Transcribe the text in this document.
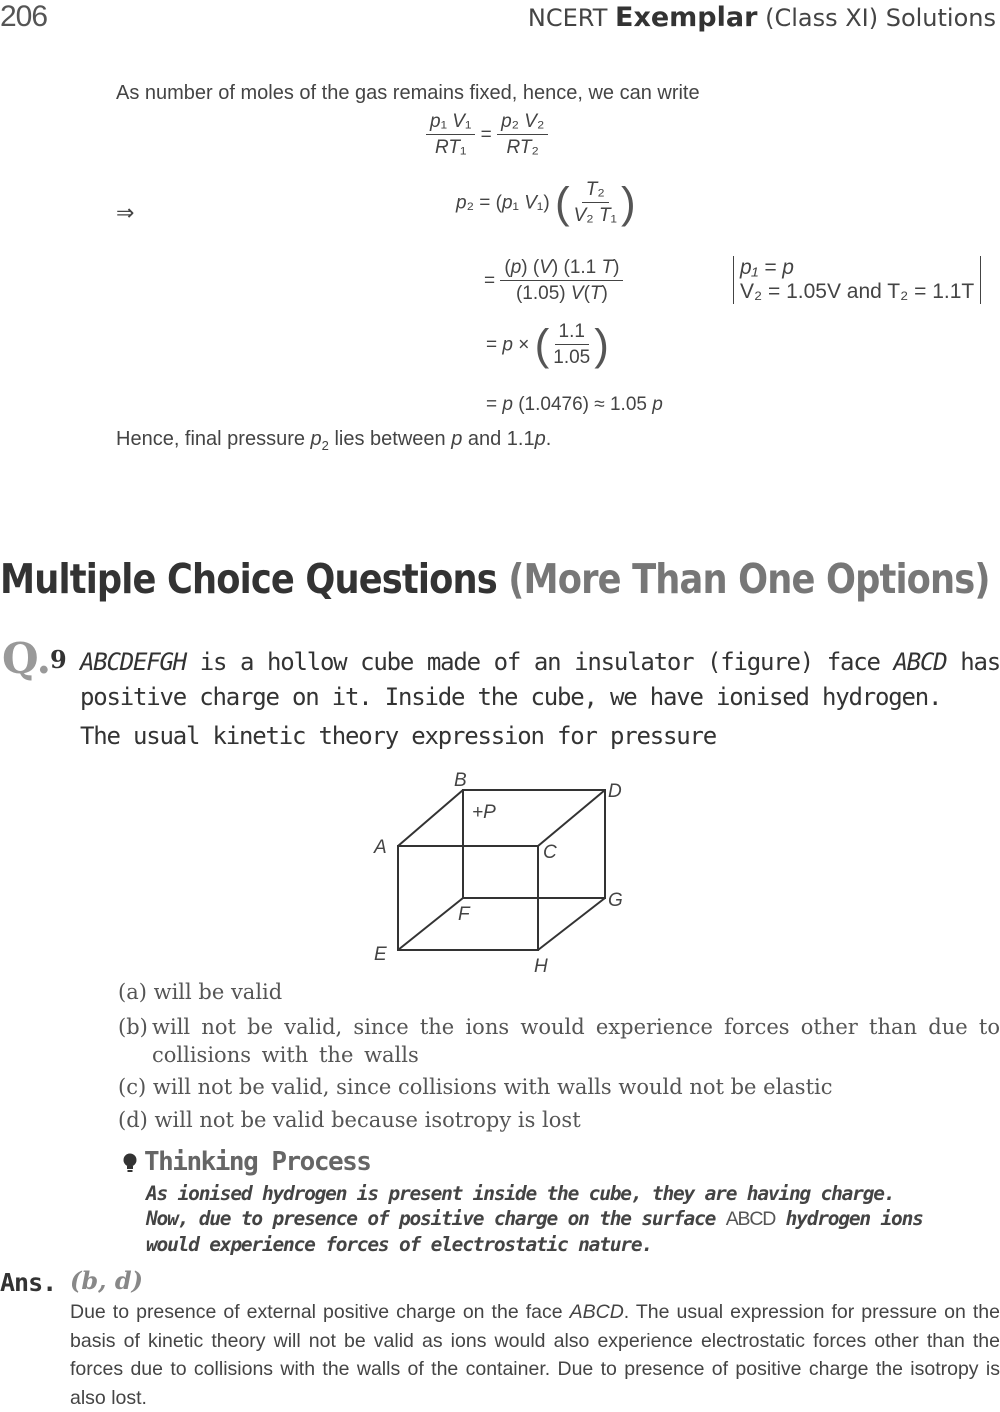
206	NCERT Exemplar (Class XI) Solutions
As number of moles of the gas remains fixed, hence, we can write
$\frac{\text{p₁ V₁}}{\text{RT₁}} = \frac{\text{p₂ V₂}}{\text{RT₂}}$
⇒	p₂ = (p₁ V₁) ( $\frac{\text{T₂}}{\text{V₂ T₁}}$ )
= $\frac{(p) (V) (1.1 T)}{(1.05) V(T)}$	p₁ = p
V₂ = 1.05V and T₂ = 1.1T
= p × ( $\frac{1.1}{1.05}$ )
= p (1.0476) ≈ 1.05 p
Hence, final pressure $p_2$ lies between p and 1.1p.
Multiple Choice Questions (More Than One Options)
Q.
9 ABCDEFGH is a hollow cube made of an insulator (figure) face ABCD has positive charge on it. Inside the cube, we have ionised hydrogen.
The usual kinetic theory expression for pressure
A
B
C
D
E
F
G
H
+P
(a) will be valid
(b) will not be valid, since the ions would experience forces other than due to collisions with the walls
(c) will not be valid, since collisions with walls would not be elastic
(d) will not be valid because isotropy is lost
Thinking Process
As ionised hydrogen is present inside the cube, they are having charge. Now, due to presence of positive charge on the surface ABCD hydrogen ions would experience forces of electrostatic nature.
Ans. (b, d)
Due to presence of external positive charge on the face ABCD. The usual expression for pressure on the basis of kinetic theory will not be valid as ions would also experience electrostatic forces other than the forces due to collisions with the walls of the container. Due to presence of positive charge the isotropy is also lost.
